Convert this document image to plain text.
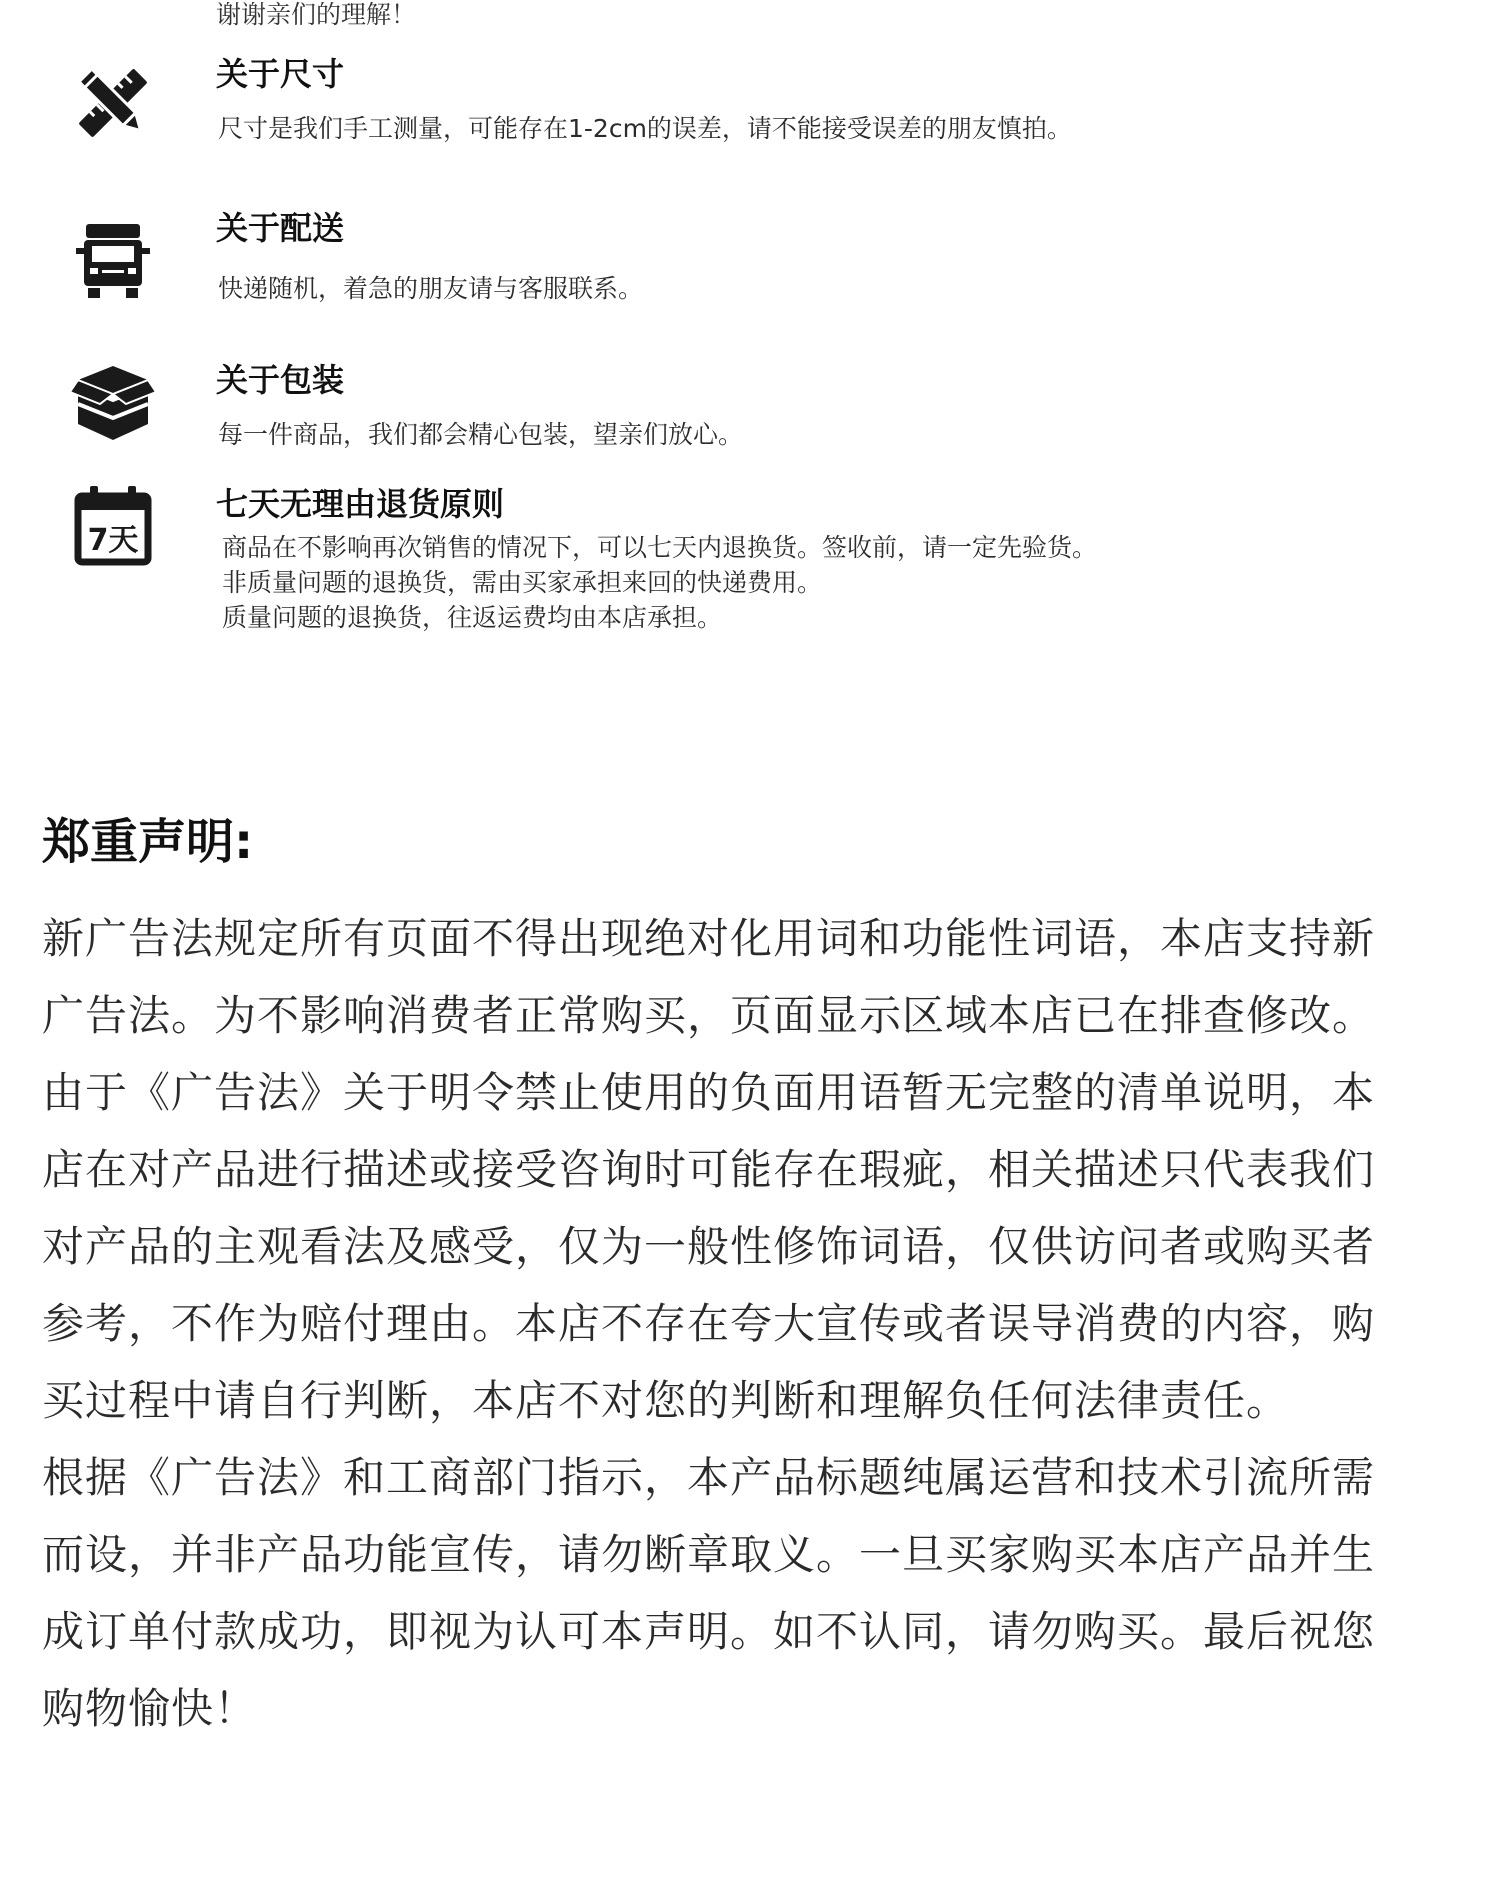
谢谢亲们的理解！
关于尺寸
尺寸是我们手工测量，可能存在1-2cm的误差，请不能接受误差的朋友慎拍。
关于配送
快递随机，着急的朋友请与客服联系。
关于包装
每一件商品，我们都会精心包装，望亲们放心。
7天
七天无理由退货原则
商品在不影响再次销售的情况下，可以七天内退换货。签收前，请一定先验货。
非质量问题的退换货，需由买家承担来回的快递费用。
质量问题的退换货，往返运费均由本店承担。
郑重声明:
新广告法规定所有页面不得出现绝对化用词和功能性词语，本店支持新
广告法。为不影响消费者正常购买，页面显示区域本店已在排查修改。
由于《广告法》关于明令禁止使用的负面用语暂无完整的清单说明，本
店在对产品进行描述或接受咨询时可能存在瑕疵，相关描述只代表我们
对产品的主观看法及感受，仅为一般性修饰词语，仅供访问者或购买者
参考，不作为赔付理由。本店不存在夸大宣传或者误导消费的内容，购
买过程中请自行判断，本店不对您的判断和理解负任何法律责任。
根据《广告法》和工商部门指示，本产品标题纯属运营和技术引流所需
而设，并非产品功能宣传，请勿断章取义。一旦买家购买本店产品并生
成订单付款成功，即视为认可本声明。如不认同，请勿购买。最后祝您
购物愉快！
